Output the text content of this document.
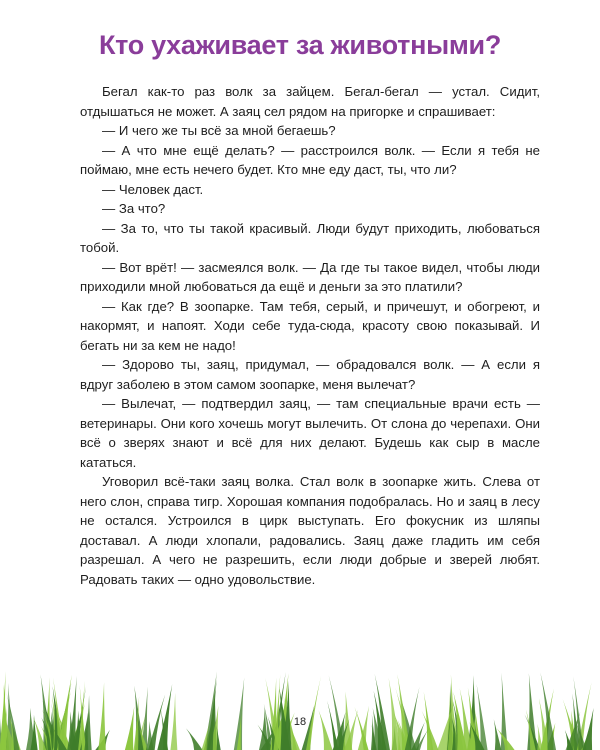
Кто ухаживает за животными?

Бегал как-то раз волк за зайцем. Бегал-бегал — устал. Сидит, отдышаться не может. А заяц сел рядом на пригорке и спрашивает:

— И чего же ты всё за мной бегаешь?

— А что мне ещё делать? — расстроился волк. — Если я тебя не поймаю, мне есть нечего будет. Кто мне еду даст, ты, что ли?

— Человек даст.

— За что?

— За то, что ты такой красивый. Люди будут приходить, любоваться тобой.

— Вот врёт! — засмеялся волк. — Да где ты такое видел, чтобы люди приходили мной любоваться да ещё и деньги за это платили?

— Как где? В зоопарке. Там тебя, серый, и причешут, и обогреют, и накормят, и напоят. Ходи себе туда-сюда, красотy свою показывай. И бегать ни за кем не надо!

— Здорово ты, заяц, придумал, — обрадовался волк. — А если я вдруг заболею в этом самом зоопарке, меня вылечат?

— Вылечат, — подтвердил заяц, — там специальные врачи есть — ветеринары. Они кого хочешь могут вылечить. От слона до черепахи. Они всё о зверях знают и всё для них делают. Будешь как сыр в масле кататься.

Уговорил всё-таки заяц волка. Стал волк в зоопарке жить. Слева от него слон, справа тигр. Хорошая компания подобралась. Но и заяц в лесу не остался. Устроился в цирк выступать. Его фокусник из шляпы доставал. А люди хлопали, радовались. Заяц даже гладить им себя разрешал. А чего не разрешить, если люди добрые и зверей любят. Радовать таких — одно удовольствие.

18
